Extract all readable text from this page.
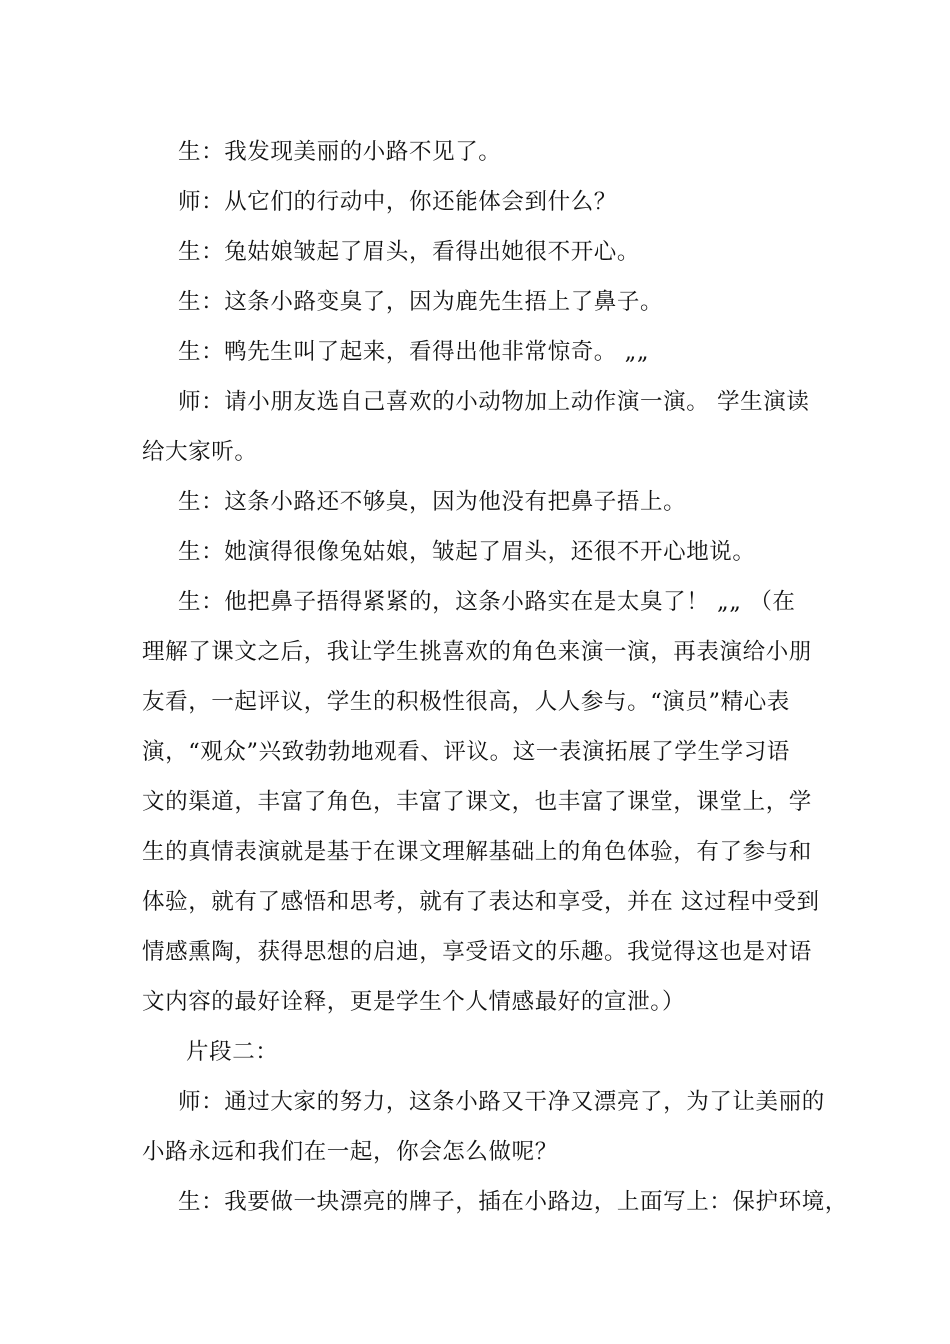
生：我发现美丽的小路不见了。
师：从它们的行动中，你还能体会到什么？
生：兔姑娘皱起了眉头，看得出她很不开心。
生：这条小路变臭了，因为鹿先生捂上了鼻子。
生：鸭先生叫了起来，看得出他非常惊奇。 „„
师：请小朋友选自己喜欢的小动物加上动作演一演。 学生演读
给大家听。
生：这条小路还不够臭，因为他没有把鼻子捂上。
生：她演得很像兔姑娘，皱起了眉头，还很不开心地说。
生：他把鼻子捂得紧紧的，这条小路实在是太臭了！ „„ （在
理解了课文之后，我让学生挑喜欢的角色来演一演，再表演给小朋
友看，一起评议，学生的积极性很高，人人参与。“演员”精心表
演，“观众”兴致勃勃地观看、评议。这一表演拓展了学生学习语
文的渠道，丰富了角色，丰富了课文，也丰富了课堂，课堂上，学
生的真情表演就是基于在课文理解基础上的角色体验，有了参与和
体验，就有了感悟和思考，就有了表达和享受，并在 这过程中受到
情感熏陶，获得思想的启迪，享受语文的乐趣。我觉得这也是对语
文内容的最好诠释，更是学生个人情感最好的宣泄。）
片段二：
师：通过大家的努力，这条小路又干净又漂亮了，为了让美丽的
小路永远和我们在一起，你会怎么做呢？
生：我要做一块漂亮的牌子，插在小路边，上面写上：保护环境，
